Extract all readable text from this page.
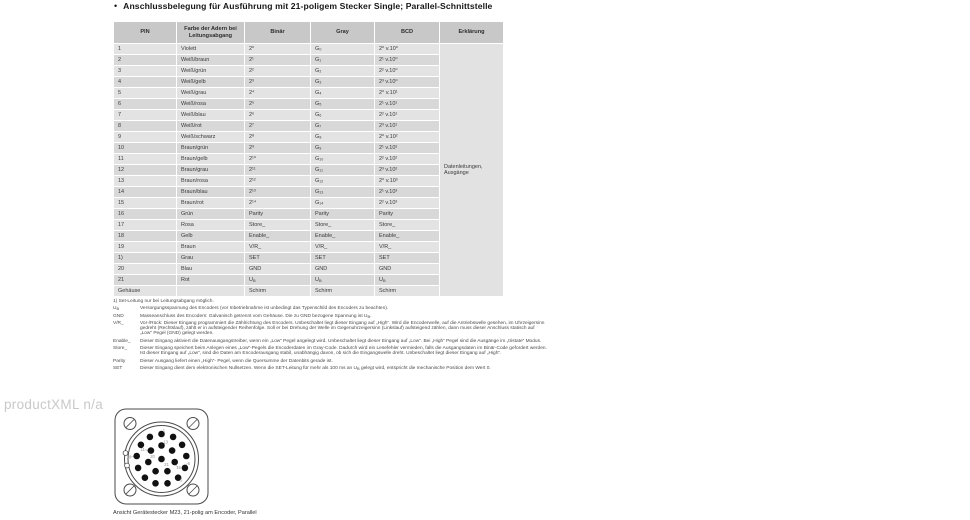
• Anschlussbelegung für Ausführung mit 21-poligem Stecker Single; Parallel-Schnittstelle
PIN	Farbe der Adern bei Leitungsabgang	Binär	Gray	BCD	Erklärung
1	Violett	2⁰	G₀	2⁰ v.10⁰	Datenleitungen, Ausgänge
2	Weiß/braun	2¹	G₁	2¹ v.10⁰	
3	Weiß/grün	2²	G₂	2² v.10⁰	
4	Weiß/gelb	2³	G₃	2³ v.10⁰	
5	Weiß/grau	2⁴	G₄	2⁰ v.10¹	
6	Weiß/rosa	2⁵	G₅	2¹ v.10¹	
7	Weiß/blau	2⁶	G₆	2² v.10¹	
8	Weiß/rot	2⁷	G₇	2³ v.10¹	
9	Weiß/schwarz	2⁸	G₈	2⁰ v.10²	
10	Braun/grün	2⁹	G₉	2¹ v.10²	
11	Braun/gelb	2¹⁰	G₁₀	2² v.10²	
12	Braun/grau	2¹¹	G₁₁	2³ v.10²	
13	Braun/rosa	2¹²	G₁₂	2⁰ v.10³	
14	Braun/blau	2¹³	G₁₃	2¹ v.10³	
15	Braun/rot	2¹⁴	G₁₄	2² v.10³	
16	Grün	Parity	Parity	Parity	
17	Rosa	Store_	Store_	Store_	
18	Gelb	Enable_	Enable_	Enable_	
19	Braun	V/R_	V/R_	V/R_	
1)	Grau	SET	SET	SET	
20	Blau	GND	GND	GND	
21	Rot	$U_B$	$U_B$	$U_B$
Gehäuse		Schirm	Schirm	Schirm	
1) Set-Leitung nur bei Leitungsabgang möglich.
$U_B$	Versorgungsspannung des Encoders (vor Inbetriebnahme ist unbedingt das Typenschild des Encoders zu beachten).
GND	Masseanschluss des Encoders: Galvanisch getrennt vom Gehäuse. Die zu GND bezogene Spannung ist $U_B$.
V/R_	Vor-/Rück: Dieser Eingang programmiert die Zählrichtung des Encoders. Unbeschaltet liegt dieser Eingang auf „High“. Wird die Encoderwelle, auf die Antriebswelle gesehen, im Uhrzeigersinn gedreht (Rechtslauf), zählt er in aufsteigender Reihenfolge. Soll er bei Drehung der Welle im Gegenuhrzeigersinn (Linkslauf) aufsteigend zählen, dann muss dieser Anschluss statisch auf „Low“ Pegel (GND) gelegt werden.
Enable_	Dieser Eingang aktiviert die Datenausgangstreiber, wenn ein „Low“ Pegel angelegt wird. Unbeschaltet liegt dieser Eingang auf „Low“. Bei „High“ Pegel sind die Ausgänge im „tristate“ Modus.
Store_	Dieser Eingang speichert beim Anlegen eines „Low“-Pegels die Encoderdaten im Gray-Code. Dadurch wird ein Lesefehler vermieden, falls die Ausgangsdaten im Binär-Code gefordert werden. Ist dieser Eingang auf „Low“, sind die Daten am Encoderausgang stabil, unabhängig davon, ob sich die Eingangswelle dreht. Unbeschaltet liegt dieser Eingang auf „High“.
Parity	Dieser Ausgang liefert einen „High“- Pegel, wenn die Quersumme der Datenbits gerade ist.
SET	Dieser Eingang dient dem elektronischen Nullsetzen. Wenn die SET-Leitung für mehr als 100 ms an $U_B$ gelegt wird, entspricht die mechanische Position dem Wert 0.
productXML n/a
1
13
11
20
10
21
15
6
5
Ansicht Gerätestecker M23, 21-polig am Encoder, Parallel
